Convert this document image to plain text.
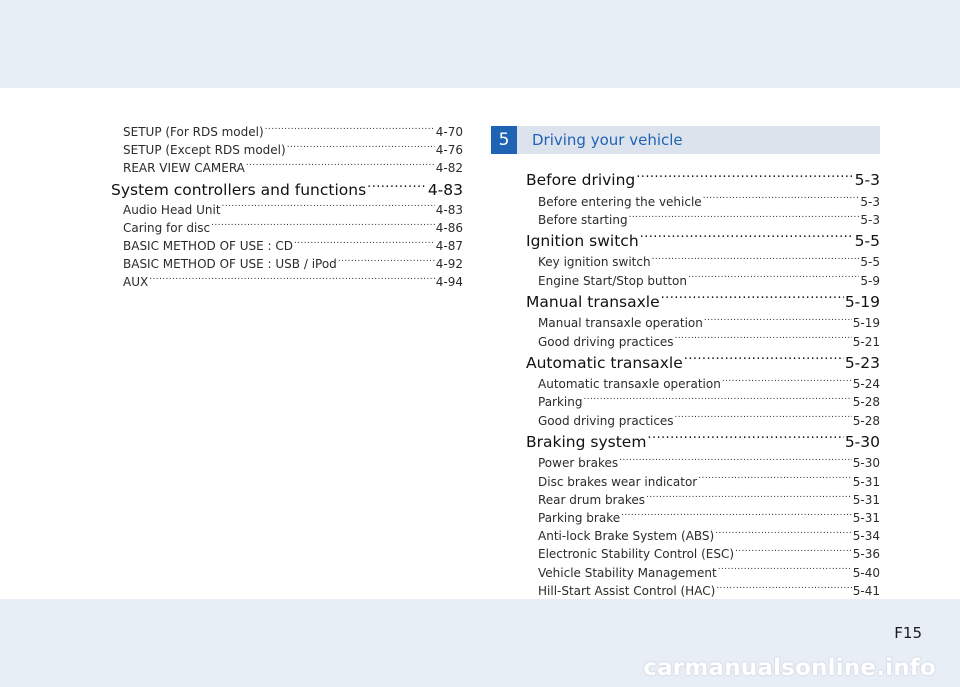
SETUP (For RDS model) .....	4-70
SETUP (Except RDS model) .....	4-76
REAR VIEW CAMERA .....	4-82
System controllers and functions .....	4-83
Audio Head Unit .....	4-83
Caring for disc .....	4-86
BASIC METHOD OF USE : CD .....	4-87
BASIC METHOD OF USE : USB / iPod .....	4-92
AUX .....	4-94
5	Driving your vehicle
Before driving .....	5-3
Before entering the vehicle .....	5-3
Before starting .....	5-3
Ignition switch .....	5-5
Key ignition switch .....	5-5
Engine Start/Stop button .....	5-9
Manual transaxle .....	5-19
Manual transaxle operation .....	5-19
Good driving practices .....	5-21
Automatic transaxle .....	5-23
Automatic transaxle operation .....	5-24
Parking .....	5-28
Good driving practices .....	5-28
Braking system .....	5-30
Power brakes .....	5-30
Disc brakes wear indicator .....	5-31
Rear drum brakes .....	5-31
Parking brake .....	5-31
Anti-lock Brake System (ABS) .....	5-34
Electronic Stability Control (ESC) .....	5-36
Vehicle Stability Management .....	5-40
Hill-Start Assist Control (HAC) .....	5-41
.....
F15
carmanualsonline.info
